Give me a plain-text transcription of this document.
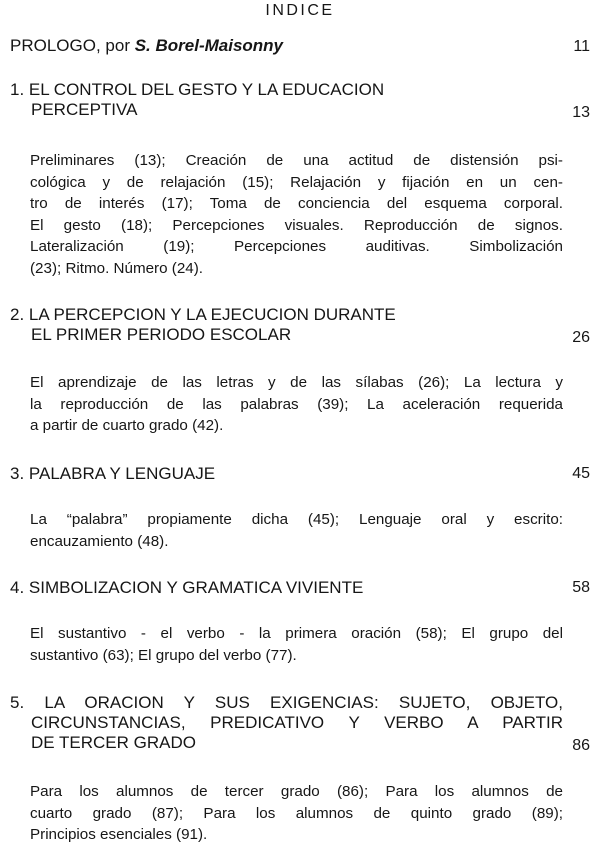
INDICE
PROLOGO, por S. Borel-Maisonny	11
1. EL CONTROL DEL GESTO Y LA EDUCACION
PERCEPTIVA	13
Preliminares (13); Creación de una actitud de distensión psi-
cológica y de relajación (15); Relajación y fijación en un cen-
tro de interés (17); Toma de conciencia del esquema corporal.
El gesto (18); Percepciones visuales. Reproducción de signos.
Lateralización (19); Percepciones auditivas. Simbolización
(23); Ritmo. Número (24).
2. LA PERCEPCION Y LA EJECUCION DURANTE
EL PRIMER PERIODO ESCOLAR	26
El aprendizaje de las letras y de las sílabas (26); La lectura y
la reproducción de las palabras (39); La aceleración requerida
a partir de cuarto grado (42).
3. PALABRA Y LENGUAJE	45
La “palabra” propiamente dicha (45); Lenguaje oral y escrito:
encauzamiento (48).
4. SIMBOLIZACION Y GRAMATICA VIVIENTE	58
El sustantivo - el verbo - la primera oración (58); El grupo del
sustantivo (63); El grupo del verbo (77).
5. LA ORACION Y SUS EXIGENCIAS: SUJETO, OBJETO,
CIRCUNSTANCIAS, PREDICATIVO Y VERBO A PARTIR
DE TERCER GRADO	86
Para los alumnos de tercer grado (86); Para los alumnos de
cuarto grado (87); Para los alumnos de quinto grado (89);
Principios esenciales (91).
